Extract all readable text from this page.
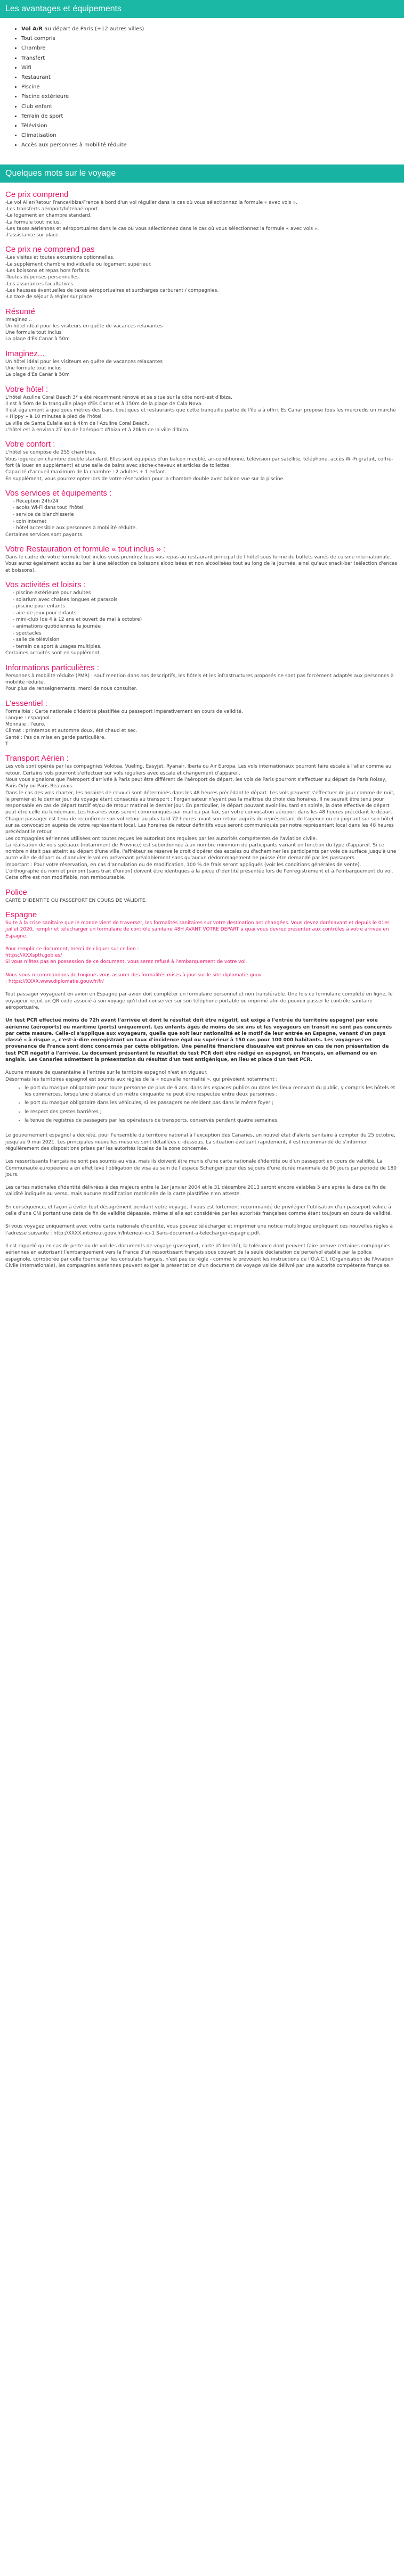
Les avantages et équipements
• Vol A/R au départ de Paris (+12 autres villes)
• Tout compris
• Chambre
• Transfert
• Wifi
• Restaurant
• Piscine
• Piscine extérieure
• Club enfant
• Terrain de sport
• Télévision
• Climatisation
• Accès aux personnes à mobilité réduite
Quelques mots sur le voyage
Ce prix comprend

-Le vol Aller/Retour France/Ibiza/France à bord d'un vol régulier dans le cas où vous sélectionnez la formule « avec vols ».

-Les transferts aéroport/hôtel/aéroport.

-Le logement en chambre standard.

-La formule tout inclus.

-Les taxes aériennes et aéroportuaires dans le cas où vous sélectionnez dans le cas où vous sélectionnez la formule « avec vols ».

-l'assistance sur place.

Ce prix ne comprend pas

-Les visites et toutes excursions optionnelles.

-Le supplément chambre individuelle ou logement supérieur.

-Les boissons et repas hors forfaits.

-Toutes dépenses personnelles.

-Les assurances facultatives.

-Les hausses éventuelles de taxes aéroportuaires et surcharges carburant / compagnies.

-La taxe de séjour à régler sur place

Résumé

Imaginez...

Un hôtel idéal pour les visiteurs en quête de vacances relaxantes

Une formule tout inclus

La plage d'Es Canar à 50m

Imaginez...

Un hôtel idéal pour les visiteurs en quête de vacances relaxantes

Une formule tout inclus

La plage d'Es Canar à 50m

Votre hôtel :

L'hôtel Azuline Coral Beach 3* a été récemment rénové et se situe sur la côte nord-est d'Ibiza.

Il est à 50m de la tranquille plage d'Es Canar et à 150m de la plage de Cala Nova.

Il est également à quelques mètres des bars, boutiques et restaurants que cette tranquille partie de l'île a à offrir. Es Canar propose tous les mercredis un marché « Hippy » à 10 minutes à pied de l'hôtel.

La ville de Santa Eulalia est à 4km de l'Azuline Coral Beach.

L'hôtel est à environ 27 km de l'aéroport d'Ibiza et à 20km de la ville d'Ibiza.

Votre confort :

L'hôtel se compose de 255 chambres.

Vous logerez en chambre double standard. Elles sont équipées d'un balcon meublé, air-conditionné, télévision par satellite, téléphone, accès Wi-Fi gratuit, coffre-fort (à louer en supplément) et une salle de bains avec sèche-cheveux et articles de toilettes.

Capacité d'accueil maximum de la chambre : 2 adultes + 1 enfant.

En supplément, vous pourrez opter lors de votre réservation pour la chambre double avec balcon vue sur la piscine.

Vos services et équipements :
- Réception 24h/24
- accès Wi-Fi dans tout l'hôtel
- service de blanchisserie
- coin internet
- hôtel accessible aux personnes à mobilité réduite.

Certaines services sont payants.

Votre Restauration et formule « tout inclus » :

Dans le cadre de votre formule tout inclus vous prendrez tous vos repas au restaurant principal de l'hôtel sous forme de buffets variés de cuisine internationale.

Vous aurez également accès au bar à une sélection de boissons alcoolisées et non alcoolisées tout au long de la journée, ainsi qu'aux snack-bar (sélection d'encas et boissons).

Vos activités et loisirs :
- piscine extérieure pour adultes
- solarium avec chaises longues et parasols
- piscine pour enfants
- aire de jeux pour enfants
- mini-club (de 4 à 12 ans et ouvert de mai à octobre)
- animations quotidiennes la journée
- spectacles
- salle de télévision
- terrain de sport à usages multiples.

Certaines activités sont en supplément.

Informations particulières :

Personnes à mobilité réduite (PMR) : sauf mention dans nos descriptifs, les hôtels et les infrastructures proposés ne sont pas forcément adaptés aux personnes à mobilité réduite.

Pour plus de renseignements, merci de nous consulter.

L'essentiel :

Formalités : Carte nationale d'identité plastifiée ou passeport impérativement en cours de validité.

Langue : espagnol.

Monnaie : l'euro.

Climat : printemps et automne doux, été chaud et sec.

Santé : Pas de mise en garde particulière.

T

Transport Aérien :

Les vols sont opérés par les compagnies Volotea, Vueling, Easyjet, Ryanair, Iberia ou Air Europa. Les vols internationaux pourront faire escale à l'aller comme au retour. Certains vols pourront s'effectuer sur vols réguliers avec escale et changement d'appareil.

Nous vous signalons que l'aéroport d'arrivée à Paris peut être différent de l'aéroport de départ, les vols de Paris pourront s'effectuer au départ de Paris Roissy, Paris Orly ou Paris Beauvais.

Dans le cas des vols charter, les horaires de ceux-ci sont déterminés dans les 48 heures précédant le départ. Les vols peuvent s'effectuer de jour comme de nuit, le premier et le dernier jour du voyage étant consacrés au transport ; l'organisateur n'ayant pas la maîtrise du choix des horaires. Il ne saurait être tenu pour responsable en cas de départ tardif et/ou de retour matinal le dernier jour. En particulier, le départ pouvant avoir lieu tard en soirée, la date effective de départ peut être celle du lendemain. Les horaires vous seront communiqués par mail ou par fax, sur votre convocation aéroport dans les 48 heures précédant le départ. Chaque passager est tenu de reconfirmer son vol retour au plus tard 72 heures avant son retour auprès du représentant de l'agence ou en joignant sur son hôtel sur sa convocation auprès de votre représentant local. Les horaires de retour définitifs vous seront communiqués par notre représentant local dans les 48 heures précédant le retour.

Les compagnies aériennes utilisées ont toutes reçues les autorisations requises par les autorités compétentes de l'aviation civile.

La réalisation de vols spéciaux (notamment de Province) est subordonnée à un nombre minimum de participants variant en fonction du type d'appareil. Si ce nombre n'était pas atteint au départ d'une ville, l'affréteur se réserve le droit d'opérer des escales ou d'acheminer les participants par voie de surface jusqu'à une autre ville de départ ou d'annuler le vol en prévenant préalablement sans qu'aucun dédommagement ne puisse être demandé par les passagers.

Important : Pour votre réservation, en cas d'annulation ou de modification, 100 % de frais seront appliqués (voir les conditions générales de vente).

L'orthographe du nom et prénom (sans trait d'union) doivent être identiques à la pièce d'identité présentée lors de l'enregistrement et à l'embarquement du vol.

Cette offre est non modifiable, non remboursable.

Police

CARTE D'IDENTITE OU PASSEPORT EN COURS DE VALIDITE.

Espagne

Suite à la crise sanitaire que le monde vient de traverser, les formalités sanitaires sur votre destination ont changées. Vous devez dorénavant et depuis le 01er juillet 2020, remplir et télécharger un formulaire de contrôle sanitaire 48H AVANT VOTRE DEPART à quai vous devrez présenter aux contrôles à votre arrivée en Espagne.

Pour remplir ce document, merci de cliquer sur ce lien :

https://XXXspth.gob.es/

Si vous n'êtes pas en possession de ce document, vous serez refusé à l'embarquement de votre vol.

Nous vous recommandons de toujours vous assurer des formalités mises à jour sur le site diplomatie.gouv

: https://XXXX.www.diplomatie.gouv.fr/fr/

Tout passager voyageant en avion en Espagne par avion doit compléter un formulaire personnel et non transférable. Une fois ce formulaire complété en ligne, le voyageur reçoit un QR code associé à son voyage qu'il doit conserver sur son téléphone portable ou imprimé afin de pouvoir passer le contrôle sanitaire aéroportuaire.

Un test PCR effectué moins de 72h avant l'arrivée et dont le résultat doit être négatif, est exigé à l'entrée du territoire espagnol par voie aérienne (aéroports) ou maritime (ports) uniquement. Les enfants âgés de moins de six ans et les voyageurs en transit ne sont pas concernés par cette mesure. Celle-ci s'applique aux voyageurs, quelle que soit leur nationalité et le motif de leur entrée en Espagne, venant d'un pays classé « à risque », c'est-à-dire enregistrant un taux d'incidence égal ou supérieur à 150 cas pour 100 000 habitants. Les voyageurs en provenance de France sont donc concernés par cette obligation. Une pénalité financière dissuasive est prévue en cas de non présentation de test PCR négatif à l'arrivée. Le document présentant le résultat du test PCR doit être rédigé en espagnol, en français, en allemand ou en anglais. Les Canaries admettent la présentation du résultat d'un test antigénique, en lieu et place d'un test PCR.

Aucune mesure de quarantaine à l'entrée sur le territoire espagnol n'est en vigueur.

Désormais les territoires espagnol est soumis aux règles de la « nouvelle normalité », qui prévoient notamment :

• le port du masque obligatoire pour toute personne de plus de 6 ans, dans les espaces publics ou dans les lieux recevant du public, y compris les hôtels et les commerces, lorsqu'une distance d'un mètre cinquante ne peut être respectée entre deux personnes ;
• le port du masque obligatoire dans les véhicules, si les passagers ne résident pas dans le même foyer ;
• le respect des gestes barrières ;
• la tenue de registres de passagers par les opérateurs de transports, conservés pendant quatre semaines.

Le gouvernement espagnol a décrété, pour l'ensemble du territoire national à l'exception des Canaries, un nouvel état d'alerte sanitaire à compter du 25 octobre, jusqu'au 9 mai 2021. Les principales nouvelles mesures sont détaillées ci-dessous. La situation évoluant rapidement, il est recommandé de s'informer régulièrement des dispositions prises par les autorités locales de la zone concernée.

Les ressortissants français ne sont pas soumis au visa, mais ils doivent être munis d'une carte nationale d'identité ou d'un passeport en cours de validité. La Communauté européenne a en effet levé l'obligation de visa au sein de l'espace Schengen pour des séjours d'une durée maximale de 90 jours par période de 180 jours.

Les cartes nationales d'identité délivrées à des majeurs entre le 1er janvier 2004 et le 31 décembre 2013 seront encore valables 5 ans après la date de fin de validité indiquée au verso, mais aucune modification matérielle de la carte plastifiée n'en atteste.

En conséquence, et façon à éviter tout désagrément pendant votre voyage, il vous est fortement recommandé de privilégier l'utilisation d'un passeport valide à celle d'une CNI portant une date de fin de validité dépassée, même si elle est considérée par les autorités françaises comme étant toujours en cours de validité.

Si vous voyagez uniquement avec votre carte nationale d'identité, vous pouvez télécharger et imprimer une notice multilingue expliquant ces nouvelles règles à l'adresse suivante : http://XXXX.interieur.gouv.fr/Interieur-ici-1 Sans-document-a-telecharger-espagne.pdf.

Il est rappelé qu'en cas de perte ou de vol des documents de voyage (passeport, carte d'identité), la tolérance dont peuvent faire preuve certaines compagnies aériennes en autorisant l'embarquement vers la France d'un ressortissant français sous couvert de la seule déclaration de perte/vol établie par la police espagnole, corroborée par celle fournie par les consulats français, n'est pas de règle - comme le prévoient les instructions de l'O.A.C.I. (Organisation de l'Aviation Civile Internationale), les compagnies aériennes peuvent exiger la présentation d'un document de voyage valide délivré par une autorité compétente française.
